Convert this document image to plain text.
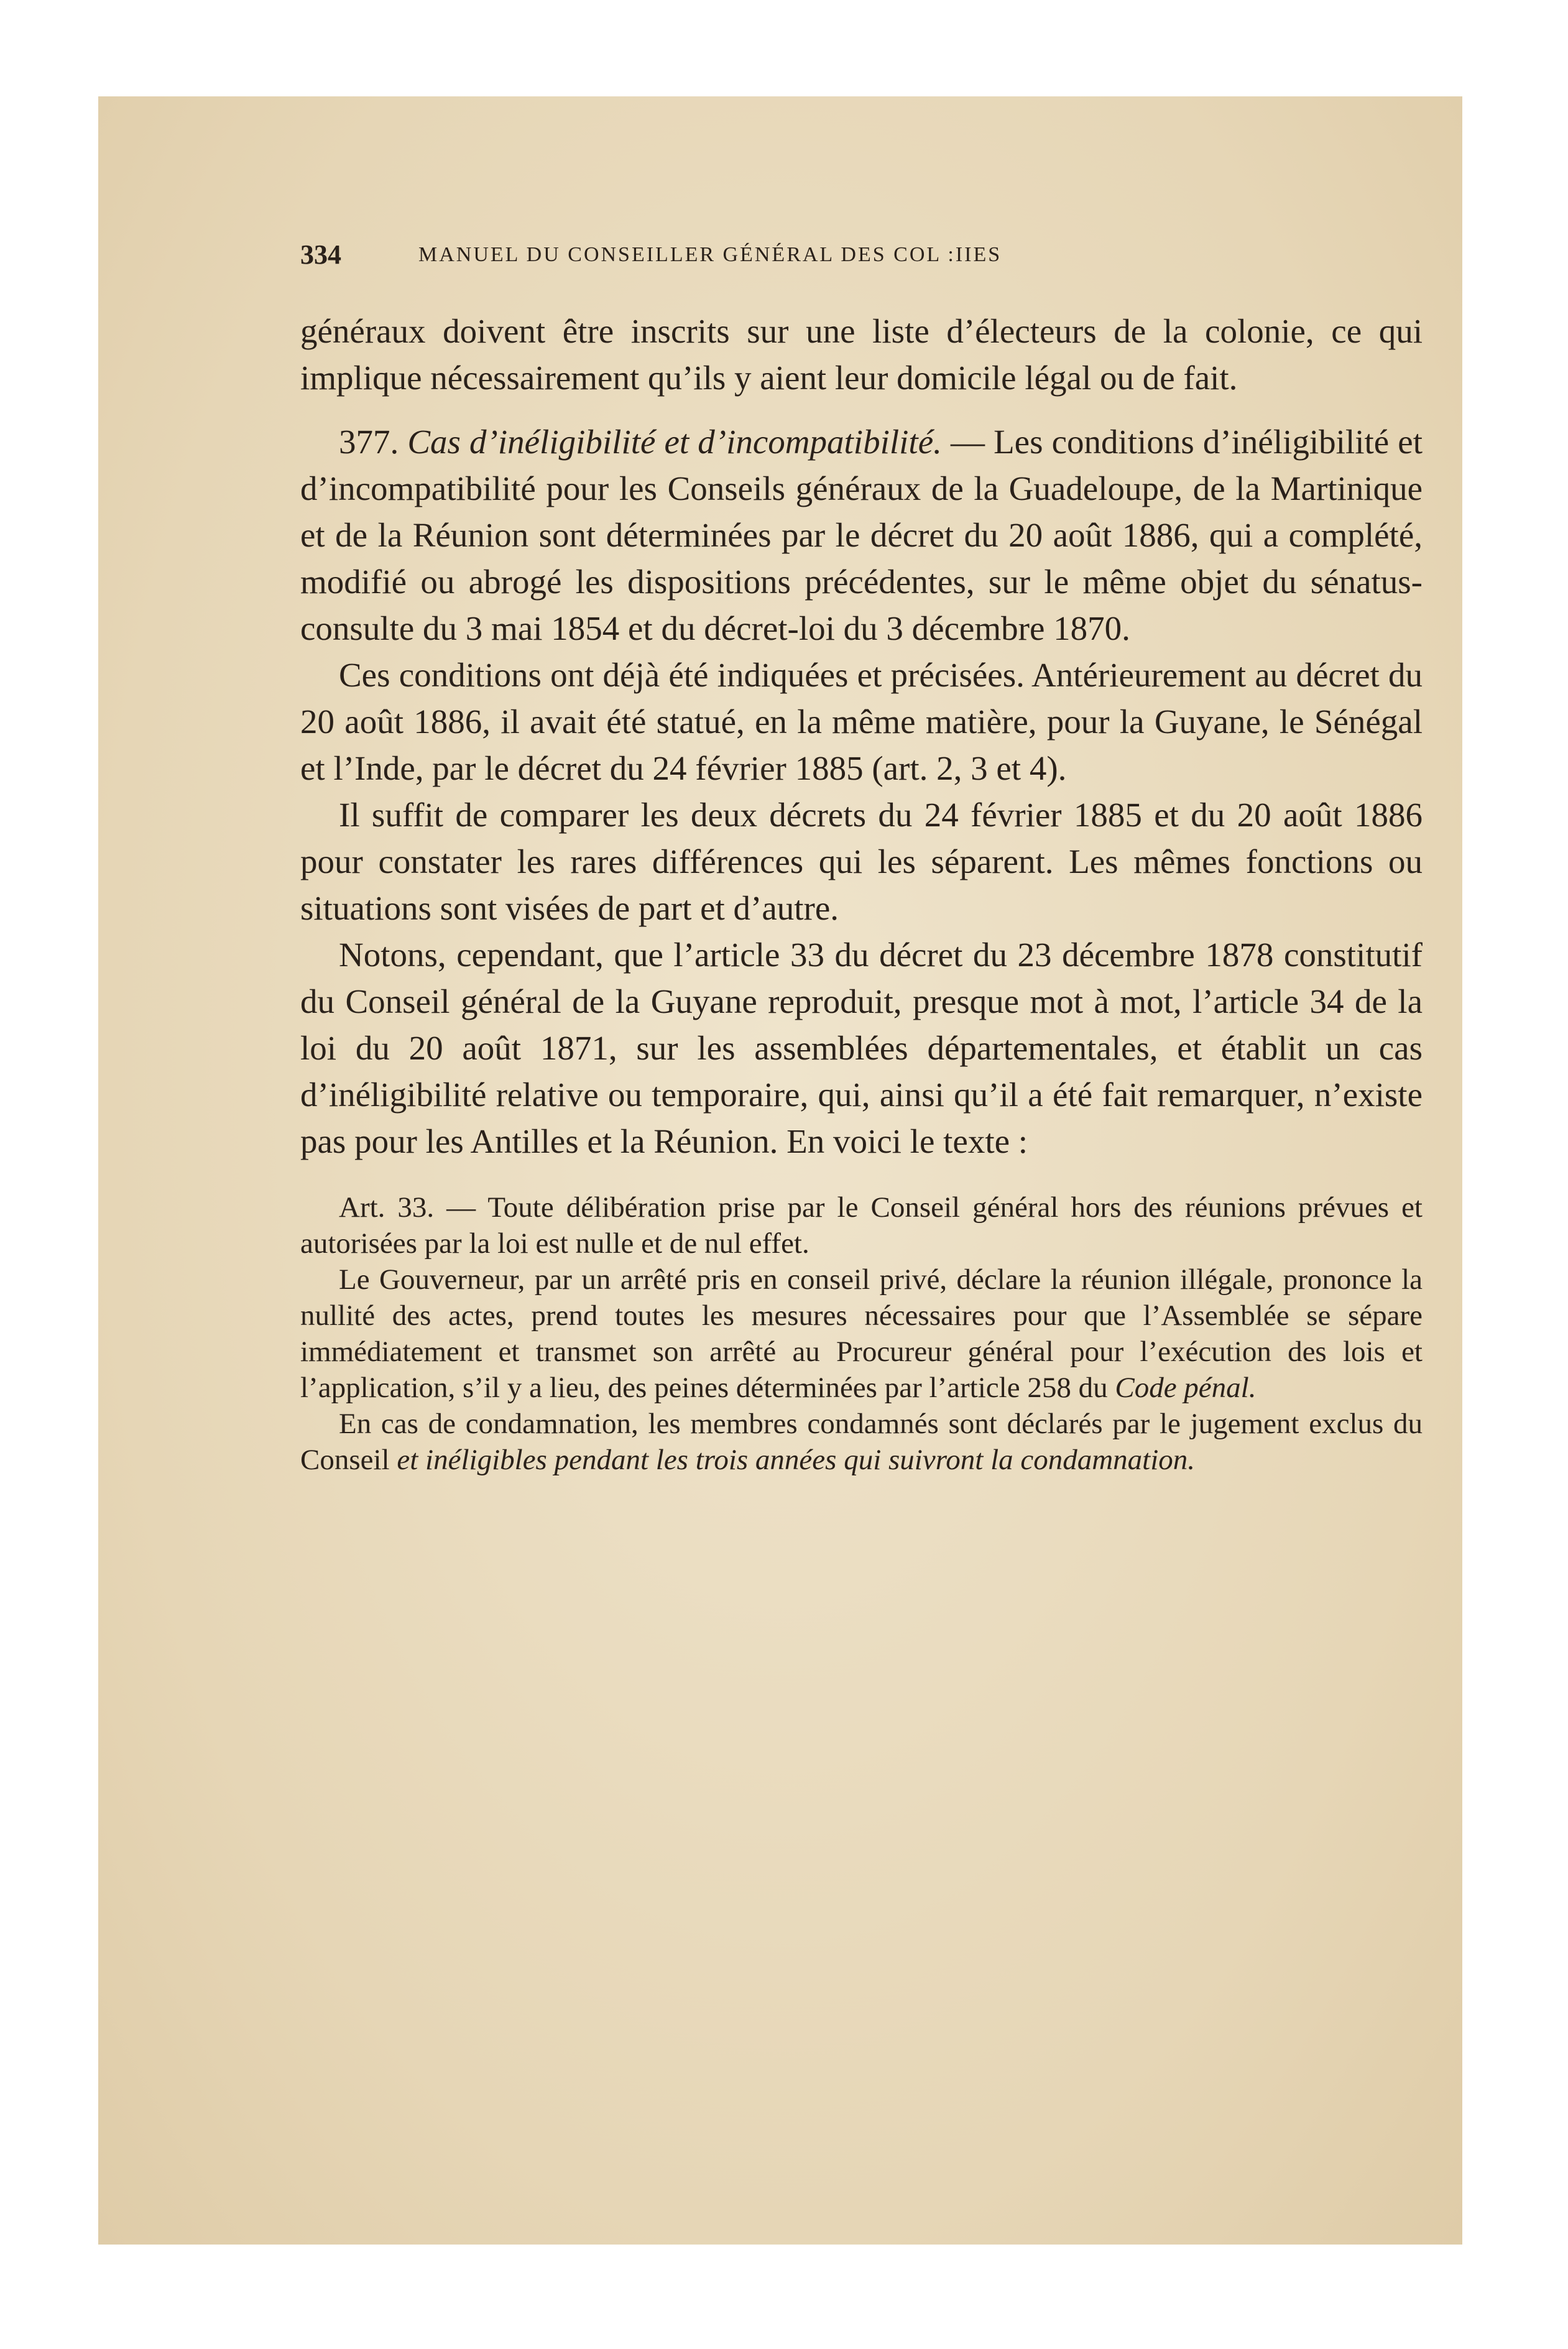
334	MANUEL DU CONSEILLER GÉNÉRAL DES COL :IIES

généraux doivent être inscrits sur une liste d’électeurs de la colonie, ce qui implique nécessairement qu’ils y aient leur domicile légal ou de fait.

377. Cas d’inéligibilité et d’incompatibilité. — Les conditions d’inéligibilité et d’incompatibilité pour les Conseils généraux de la Guadeloupe, de la Martinique et de la Réunion sont déterminées par le décret du 20 août 1886, qui a complété, modifié ou abrogé les dispositions précédentes, sur le même objet du sénatus-consulte du 3 mai 1854 et du décret-loi du 3 décembre 1870.

Ces conditions ont déjà été indiquées et précisées. Antérieurement au décret du 20 août 1886, il avait été statué, en la même matière, pour la Guyane, le Sénégal et l’Inde, par le décret du 24 février 1885 (art. 2, 3 et 4).

Il suffit de comparer les deux décrets du 24 février 1885 et du 20 août 1886 pour constater les rares différences qui les séparent. Les mêmes fonctions ou situations sont visées de part et d’autre.

Notons, cependant, que l’article 33 du décret du 23 décembre 1878 constitutif du Conseil général de la Guyane reproduit, presque mot à mot, l’article 34 de la loi du 20 août 1871, sur les assemblées départementales, et établit un cas d’inéligibilité relative ou temporaire, qui, ainsi qu’il a été fait remarquer, n’existe pas pour les Antilles et la Réunion. En voici le texte :

Art. 33. — Toute délibération prise par le Conseil général hors des réunions prévues et autorisées par la loi est nulle et de nul effet.

Le Gouverneur, par un arrêté pris en conseil privé, déclare la réunion illégale, prononce la nullité des actes, prend toutes les mesures nécessaires pour que l’Assemblée se sépare immédiatement et transmet son arrêté au Procureur général pour l’exécution des lois et l’application, s’il y a lieu, des peines déterminées par l’article 258 du Code pénal.

En cas de condamnation, les membres condamnés sont déclarés par le jugement exclus du Conseil et inéligibles pendant les trois années qui suivront la condamnation.
